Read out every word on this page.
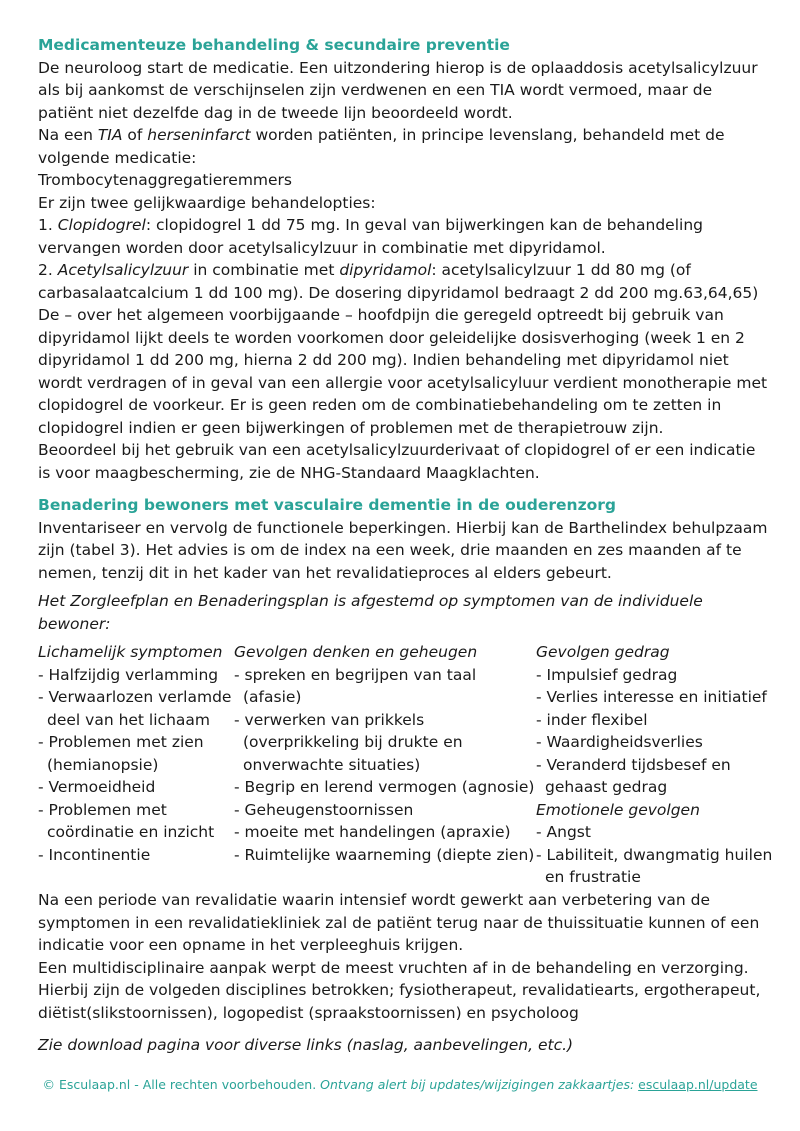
Medicamenteuze behandeling & secundaire preventie

De neuroloog start de medicatie. Een uitzondering hierop is de oplaaddosis acetylsalicylzuur als bij aankomst de verschijnselen zijn verdwenen en een TIA wordt vermoed, maar de patiënt niet dezelfde dag in de tweede lijn beoordeeld wordt.

Na een TIA of herseninfarct worden patiënten, in principe levenslang, behandeld met de volgende medicatie:

Trombocytenaggregatieremmers

Er zijn twee gelijkwaardige behandelopties:

1. Clopidogrel: clopidogrel 1 dd 75 mg. In geval van bijwerkingen kan de behandeling vervangen worden door acetylsalicylzuur in combinatie met dipyridamol.

2. Acetylsalicylzuur in combinatie met dipyridamol: acetylsalicylzuur 1 dd 80 mg (of carbasalaatcalcium 1 dd 100 mg). De dosering dipyridamol bedraagt 2 dd 200 mg.63,64,65)

De – over het algemeen voorbijgaande – hoofdpijn die geregeld optreedt bij gebruik van dipyridamol lijkt deels te worden voorkomen door geleidelijke dosisverhoging (week 1 en 2 dipyridamol 1 dd 200 mg, hierna 2 dd 200 mg). Indien behandeling met dipyridamol niet wordt verdragen of in geval van een allergie voor acetylsalicyluur verdient monotherapie met clopidogrel de voorkeur. Er is geen reden om de combinatiebehandeling om te zetten in clopidogrel indien er geen bijwerkingen of problemen met de therapietrouw zijn.

Beoordeel bij het gebruik van een acetylsalicylzuurderivaat of clopidogrel of er een indicatie is voor maagbescherming, zie de NHG-Standaard Maagklachten.

Benadering bewoners met vasculaire dementie in de ouderenzorg

Inventariseer en vervolg de functionele beperkingen. Hierbij kan de Barthelindex behulpzaam zijn (tabel 3). Het advies is om de index na een week, drie maanden en zes maanden af te nemen, tenzij dit in het kader van het revalidatieproces al elders gebeurt.

Het Zorgleefplan en Benaderingsplan is afgestemd op symptomen van de individuele bewoner:

Lichamelijk symptomen

- Halfzijdig verlamming

- Verwaarlozen verlamde deel van het lichaam

- Problemen met zien (hemianopsie)

- Vermoeidheid

- Problemen met coördinatie en inzicht

- Incontinentie

Gevolgen denken en geheugen

- spreken en begrijpen van taal (afasie)

- verwerken van prikkels (overprikkeling bij drukte en onverwachte situaties)

- Begrip en lerend vermogen (agnosie)

- Geheugenstoornissen

- moeite met handelingen (apraxie)

- Ruimtelijke waarneming (diepte zien)

Gevolgen gedrag

- Impulsief gedrag

- Verlies interesse en initiatief

- inder flexibel

- Waardigheidsverlies

- Veranderd tijdsbesef en gehaast gedrag

Emotionele gevolgen

- Angst

- Labiliteit, dwangmatig huilen en frustratie

Na een periode van revalidatie waarin intensief wordt gewerkt aan verbetering van de symptomen in een revalidatiekliniek zal de patiënt terug naar de thuissituatie kunnen of een indicatie voor een opname in het verpleeghuis krijgen.

Een multidisciplinaire aanpak werpt de meest vruchten af in de behandeling en verzorging. Hierbij zijn de volgeden disciplines betrokken; fysiotherapeut, revalidatiearts, ergotherapeut, diëtist(slikstoornissen), logopedist (spraakstoornissen) en psycholoog

Zie download pagina voor diverse links (naslag, aanbevelingen, etc.)

© Esculaap.nl - Alle rechten voorbehouden. Ontvang alert bij updates/wijzigingen zakkaartjes: esculaap.nl/update
